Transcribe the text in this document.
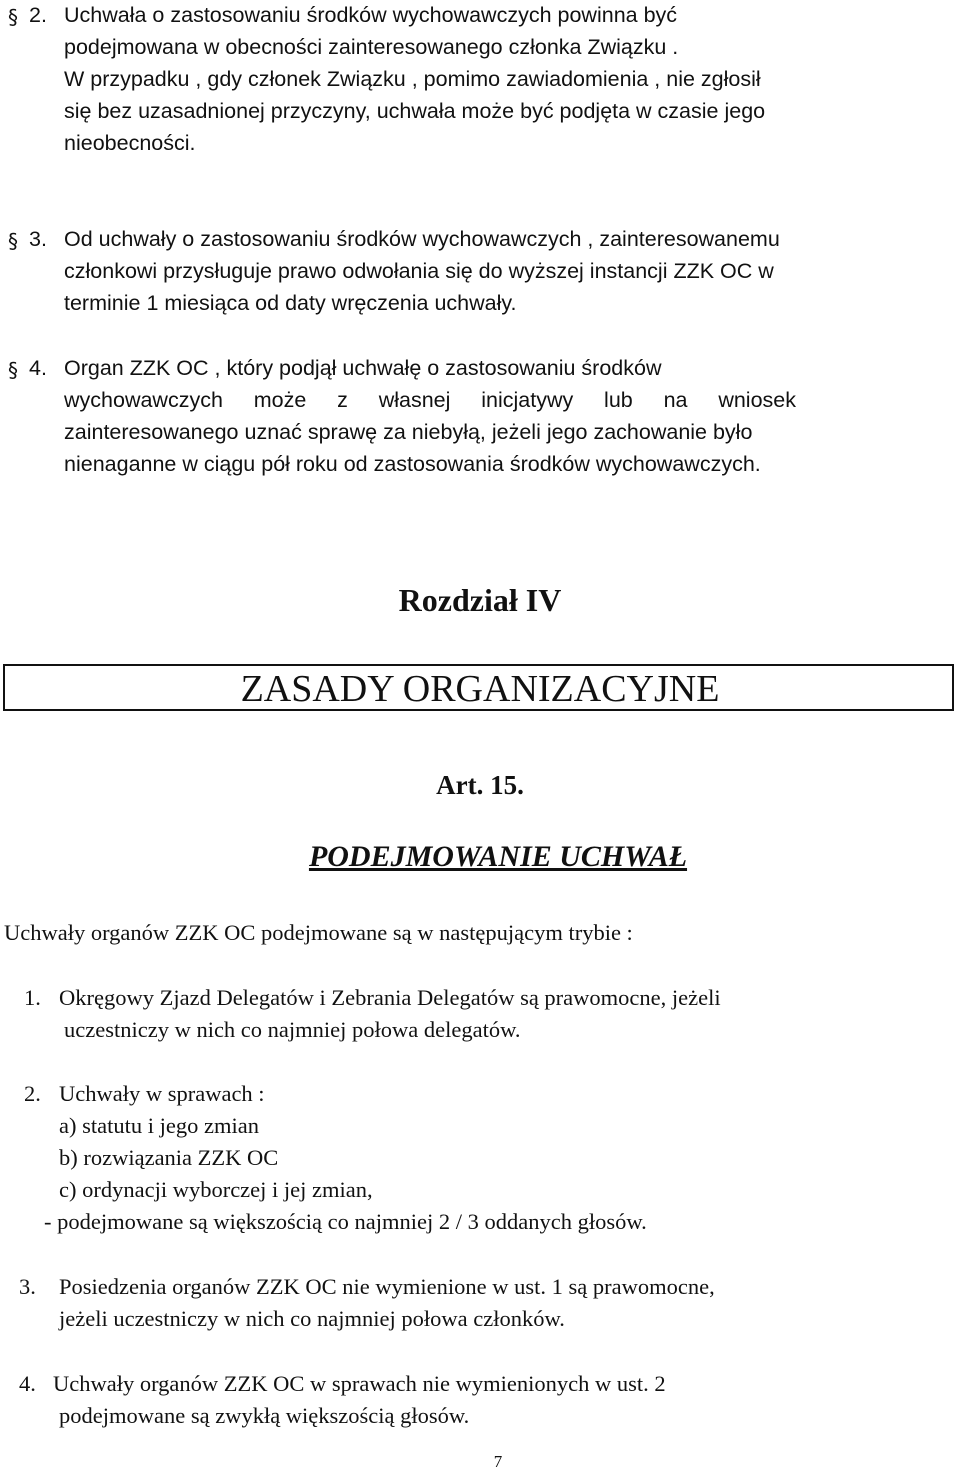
§ 2. Uchwała o zastosowaniu środków wychowawczych powinna być
podejmowana w obecności zainteresowanego członka Związku .
W przypadku , gdy członek Związku , pomimo zawiadomienia , nie zgłosił
się bez uzasadnionej przyczyny, uchwała może być podjęta w czasie jego
nieobecności.
§ 3. Od uchwały o zastosowaniu środków wychowawczych , zainteresowanemu
członkowi przysługuje prawo odwołania się do wyższej instancji ZZK OC w
terminie 1 miesiąca od daty wręczenia uchwały.
§ 4. Organ ZZK OC , który podjął uchwałę o zastosowaniu środków
wychowawczych może z własnej inicjatywy lub na wniosek
zainteresowanego uznać sprawę za niebyłą, jeżeli jego zachowanie było
nienaganne w ciągu pół roku od zastosowania środków wychowawczych.
Rozdział IV
ZASADY ORGANIZACYJNE
Art. 15.
PODEJMOWANIE UCHWAŁ
Uchwały organów ZZK OC podejmowane są w następującym trybie :
1. Okręgowy Zjazd Delegatów i Zebrania Delegatów są prawomocne, jeżeli
uczestniczy w nich co najmniej połowa delegatów.
2. Uchwały w sprawach :
a) statutu i jego zmian
b) rozwiązania ZZK OC
c) ordynacji wyborczej i jej zmian,
- podejmowane są większością co najmniej 2 / 3 oddanych głosów.
3. Posiedzenia organów ZZK OC nie wymienione w ust. 1 są prawomocne,
jeżeli uczestniczy w nich co najmniej połowa członków.
4. Uchwały organów ZZK OC w sprawach nie wymienionych w ust. 2
podejmowane są zwykłą większością głosów.
7
